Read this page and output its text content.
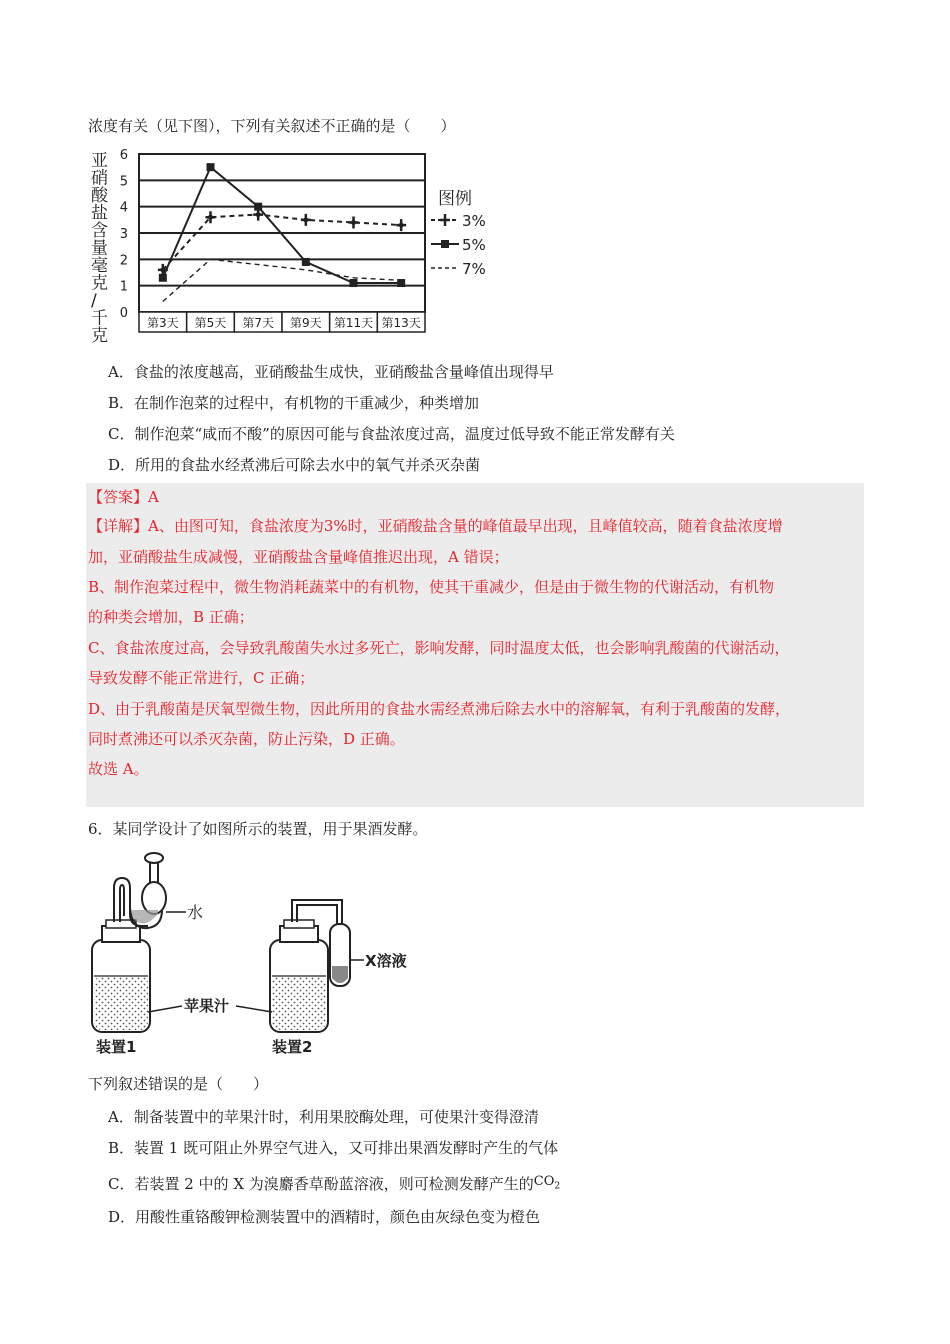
浓度有关（见下图），下列有关叙述不正确的是（　　）
亚
硝
酸
盐
含
量
毫
克
/
千
克
0
1
2
3
4
5
6
第3天 第5天 第7天 第9天 第11天 第13天
图例
3%
5%
7%
A．食盐的浓度越高，亚硝酸盐生成快，亚硝酸盐含量峰值出现得早
B．在制作泡菜的过程中，有机物的干重减少，种类增加
C．制作泡菜“咸而不酸”的原因可能与食盐浓度过高，温度过低导致不能正常发酵有关
D．所用的食盐水经煮沸后可除去水中的氧气并杀灭杂菌
【答案】A
【详解】A、由图可知，食盐浓度为3%时，亚硝酸盐含量的峰值最早出现，且峰值较高，随着食盐浓度增
加，亚硝酸盐生成减慢，亚硝酸盐含量峰值推迟出现，A 错误；
B、制作泡菜过程中，微生物消耗蔬菜中的有机物，使其干重减少，但是由于微生物的代谢活动，有机物
的种类会增加，B 正确；
C、食盐浓度过高，会导致乳酸菌失水过多死亡，影响发酵，同时温度太低，也会影响乳酸菌的代谢活动，
导致发酵不能正常进行，C 正确；
D、由于乳酸菌是厌氧型微生物，因此所用的食盐水需经煮沸后除去水中的溶解氧，有利于乳酸菌的发酵，
同时煮沸还可以杀灭杂菌，防止污染，D 正确。
故选 A。
6．某同学设计了如图所示的装置，用于果酒发酵。
水
X溶液
苹果汁
装置1	装置2
下列叙述错误的是（　　）
A．制备装置中的苹果汁时，利用果胶酶处理，可使果汁变得澄清
B．装置 1 既可阻止外界空气进入，又可排出果酒发酵时产生的气体
C．若装置 2 中的 X 为溴麝香草酚蓝溶液，则可检测发酵产生的$CO_2$
D．用酸性重铬酸钾检测装置中的酒精时，颜色由灰绿色变为橙色
